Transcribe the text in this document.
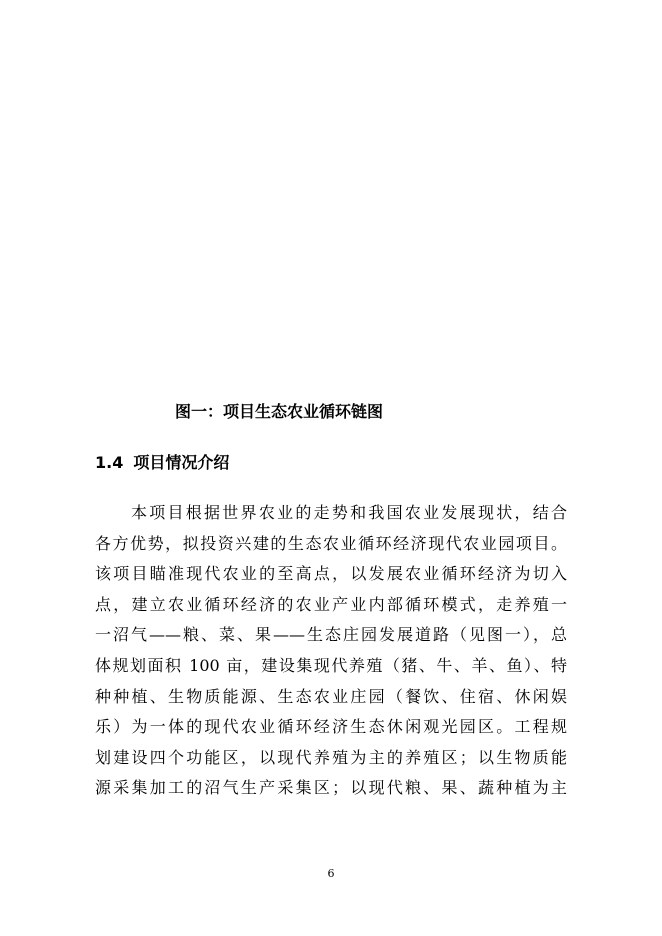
图一：项目生态农业循环链图
1.4 项目情况介绍
本项目根据世界农业的走势和我国农业发展现状，结合
各方优势，拟投资兴建的生态农业循环经济现代农业园项目。
该项目瞄准现代农业的至高点，以发展农业循环经济为切入
点，建立农业循环经济的农业产业内部循环模式，走养殖一
一沼气——粮、菜、果——生态庄园发展道路（见图一），总
体规划面积 100 亩，建设集现代养殖（猪、牛、羊、鱼）、特
种种植、生物质能源、生态农业庄园（餐饮、住宿、休闲娱
乐）为一体的现代农业循环经济生态休闲观光园区。工程规
划建设四个功能区，以现代养殖为主的养殖区；以生物质能
源采集加工的沼气生产采集区；以现代粮、果、蔬种植为主
6
